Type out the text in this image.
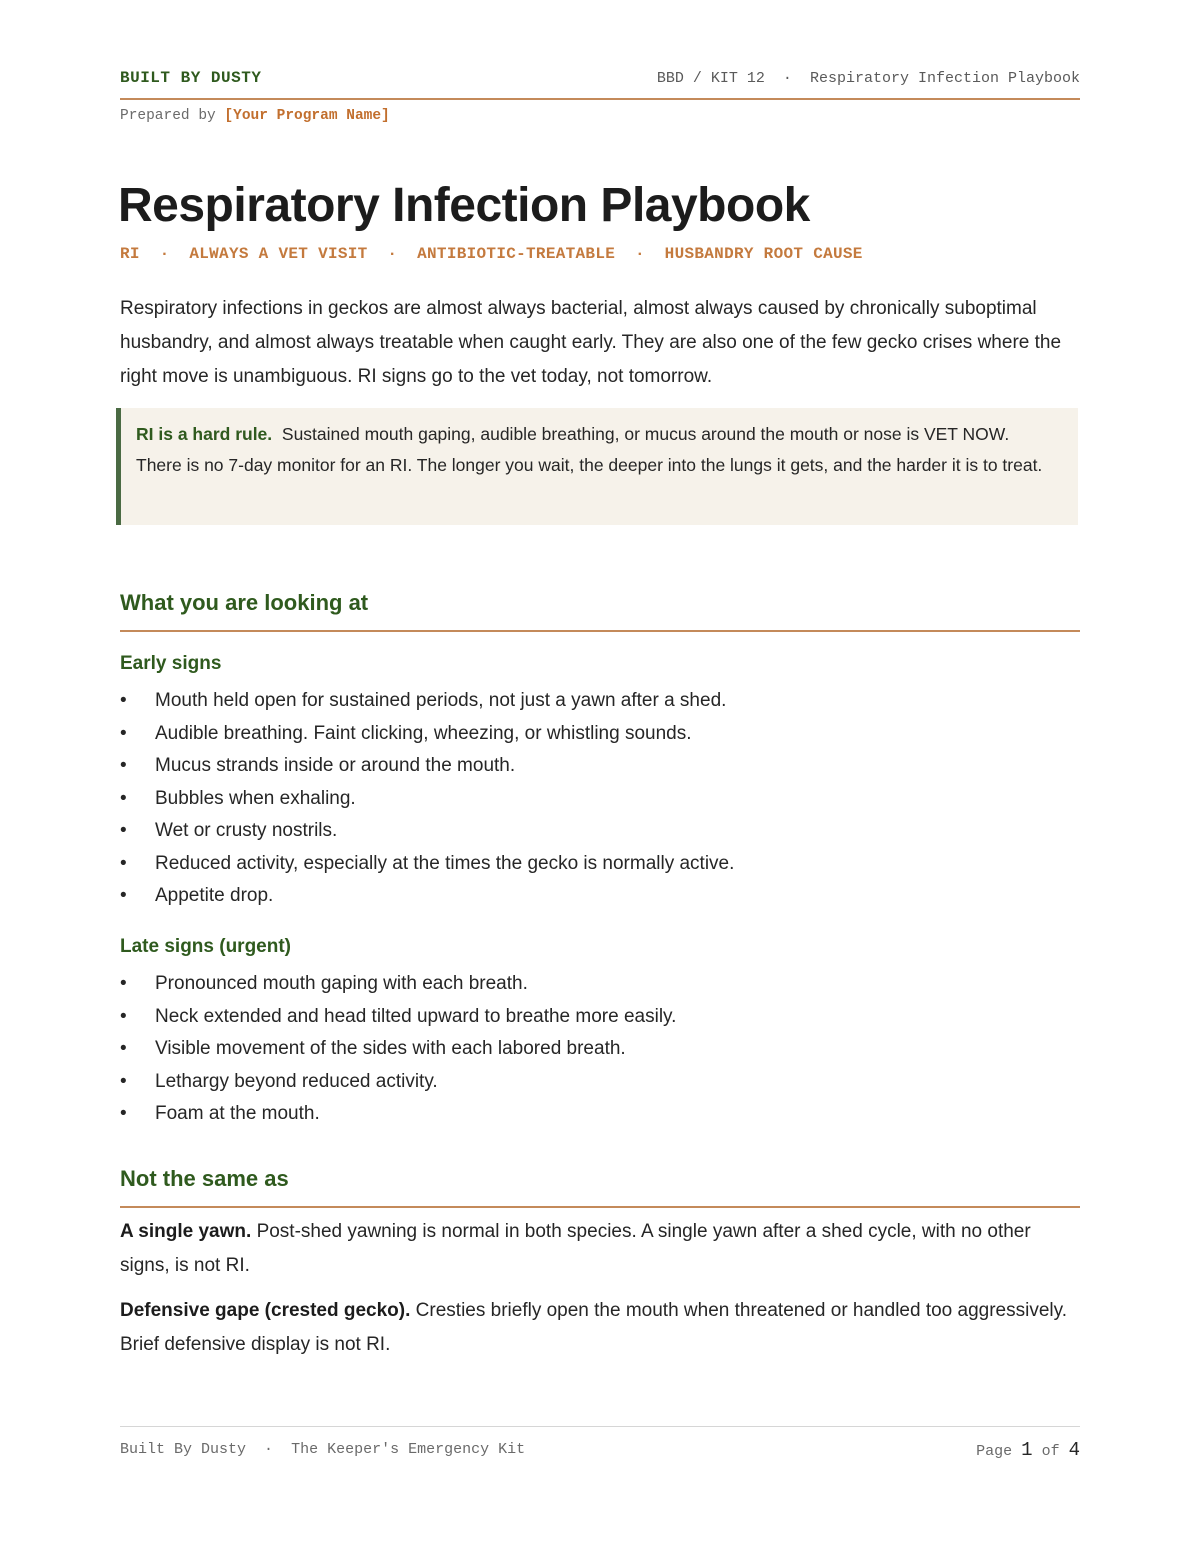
BUILT BY DUSTY	BBD / KIT 12 · Respiratory Infection Playbook
Prepared by [Your Program Name]
Respiratory Infection Playbook
RI · ALWAYS A VET VISIT · ANTIBIOTIC-TREATABLE · HUSBANDRY ROOT CAUSE

Respiratory infections in geckos are almost always bacterial, almost always caused by chronically suboptimal husbandry, and almost always treatable when caught early. They are also one of the few gecko crises where the right move is unambiguous. RI signs go to the vet today, not tomorrow.

RI is a hard rule. Sustained mouth gaping, audible breathing, or mucus around the mouth or nose is VET NOW. There is no 7-day monitor for an RI. The longer you wait, the deeper into the lungs it gets, and the harder it is to treat.
What you are looking at
Early signs
• Mouth held open for sustained periods, not just a yawn after a shed.
• Audible breathing. Faint clicking, wheezing, or whistling sounds.
• Mucus strands inside or around the mouth.
• Bubbles when exhaling.
• Wet or crusty nostrils.
• Reduced activity, especially at the times the gecko is normally active.
• Appetite drop.
Late signs (urgent)
• Pronounced mouth gaping with each breath.
• Neck extended and head tilted upward to breathe more easily.
• Visible movement of the sides with each labored breath.
• Lethargy beyond reduced activity.
• Foam at the mouth.
Not the same as

A single yawn. Post-shed yawning is normal in both species. A single yawn after a shed cycle, with no other signs, is not RI.

Defensive gape (crested gecko). Cresties briefly open the mouth when threatened or handled too aggressively. Brief defensive display is not RI.

Built By Dusty · The Keeper's Emergency Kit	Page 1 of 4
